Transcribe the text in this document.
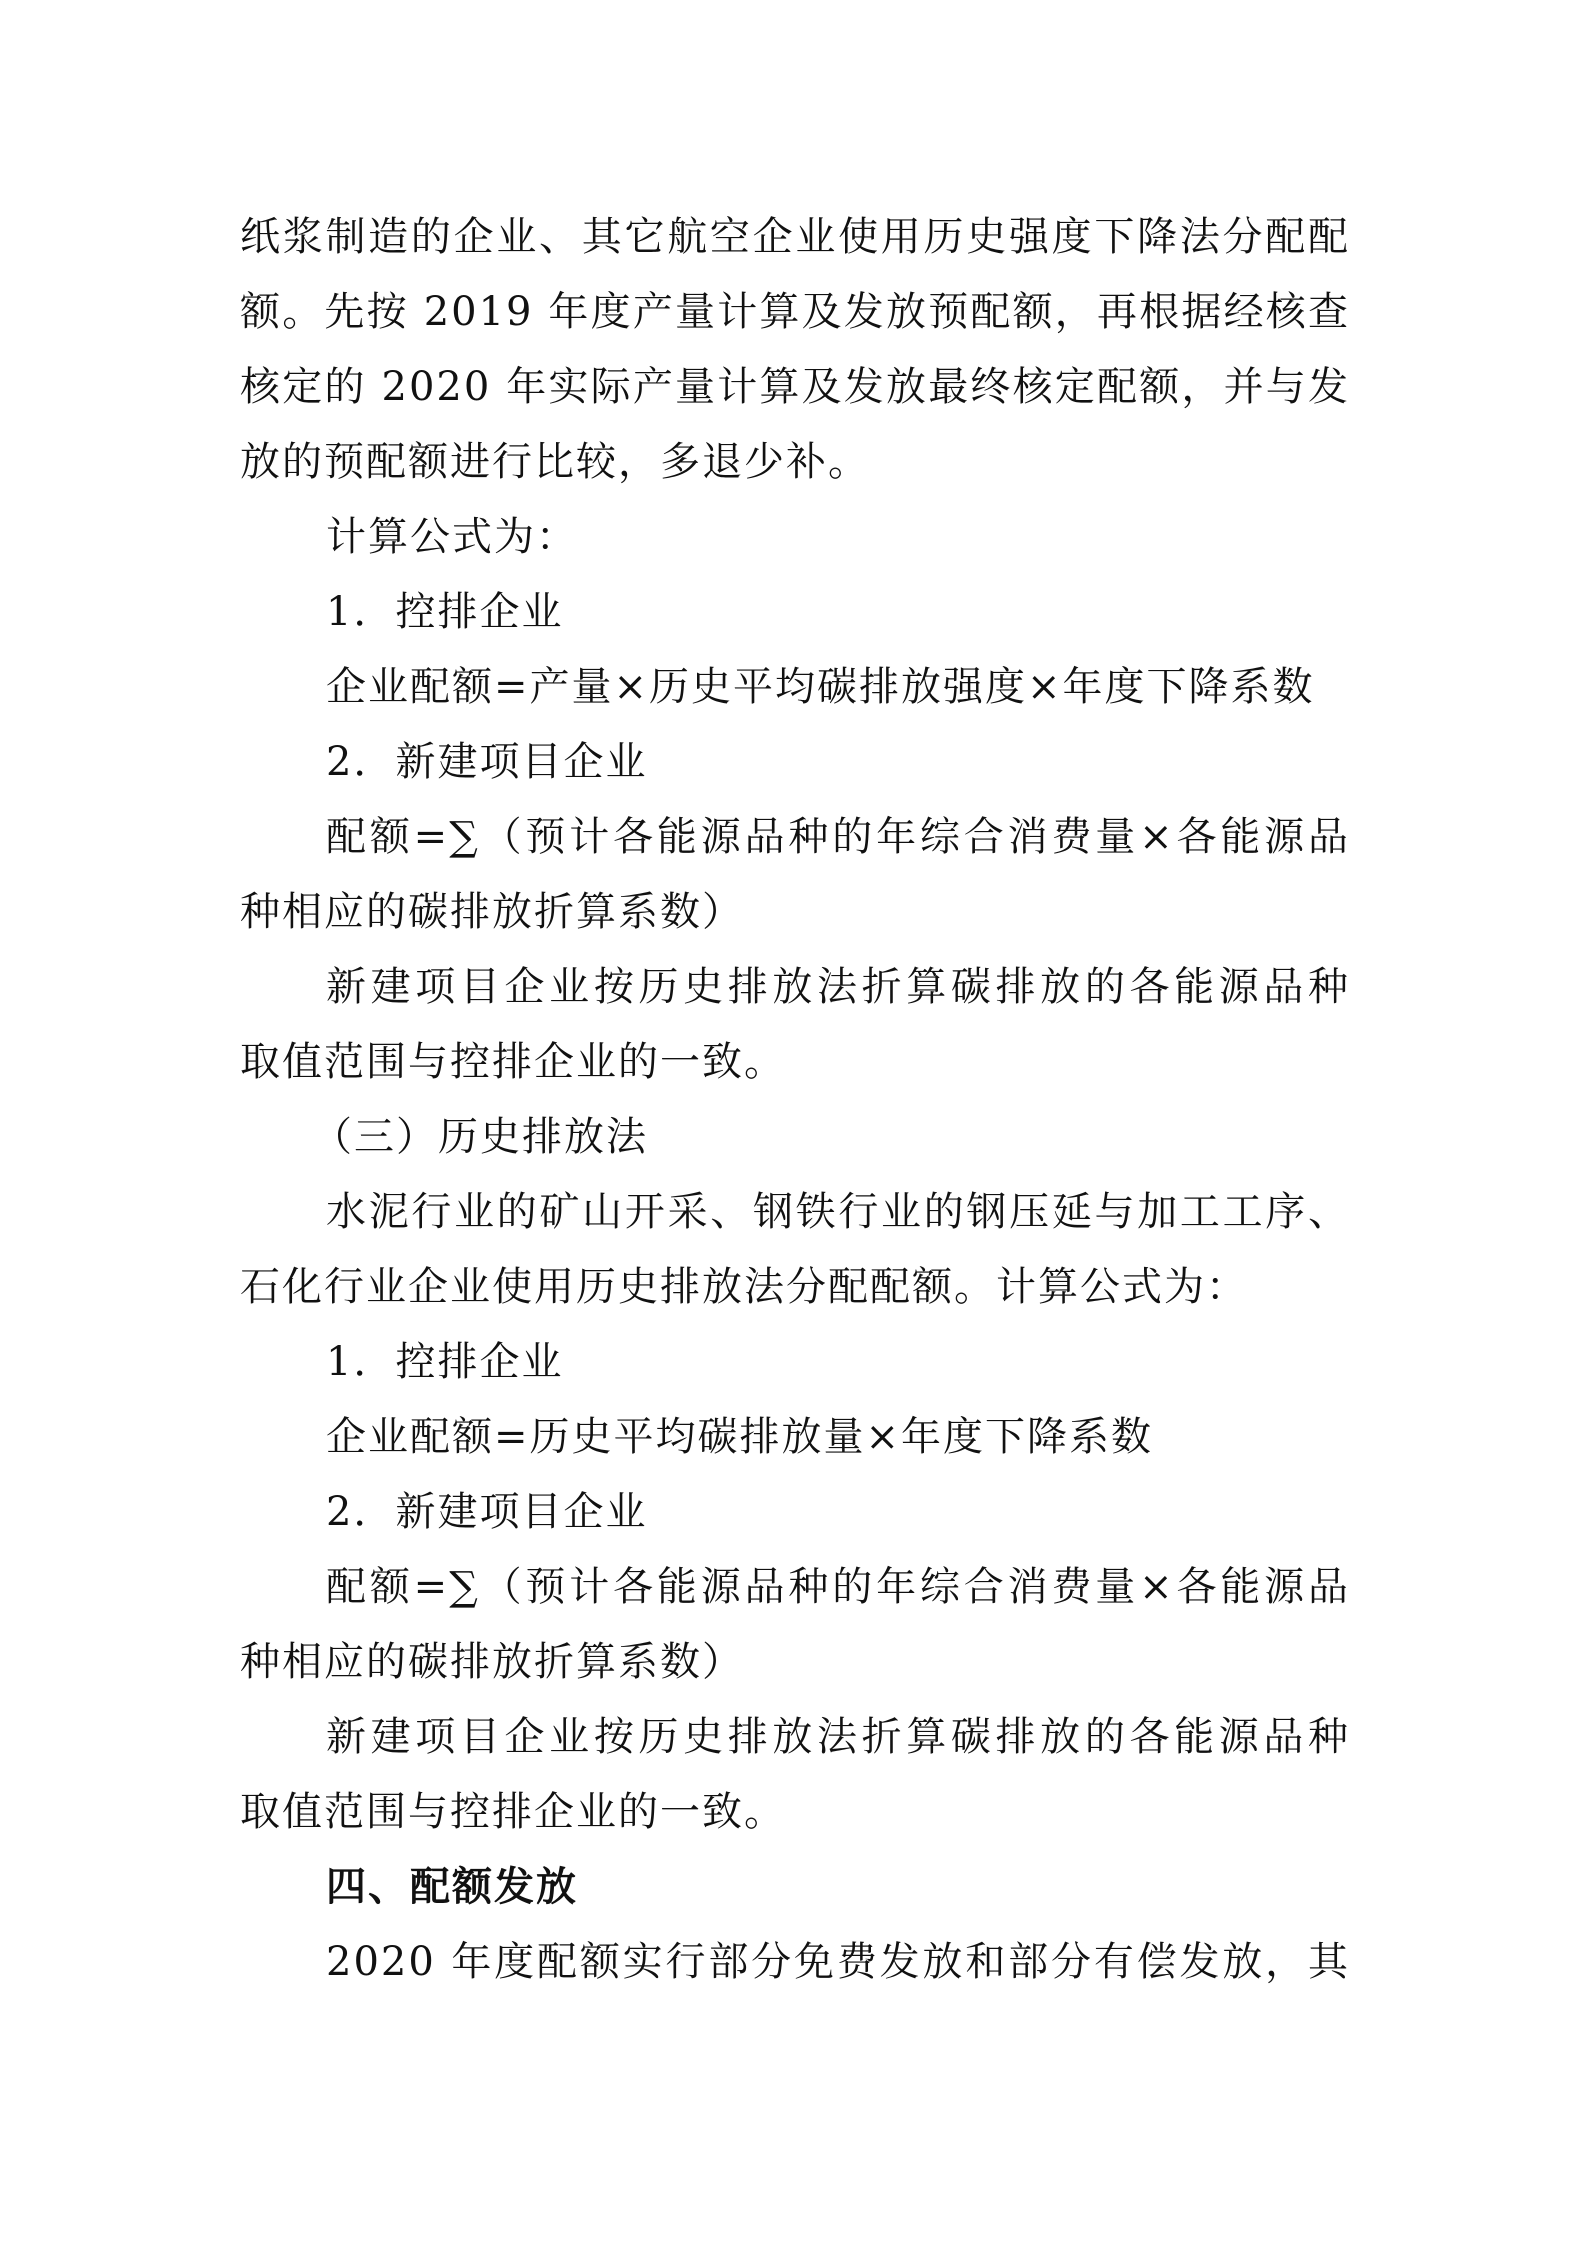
纸浆制造的企业、其它航空企业使用历史强度下降法分配配
额。先按 2019 年度产量计算及发放预配额，再根据经核查
核定的 2020 年实际产量计算及发放最终核定配额，并与发
放的预配额进行比较，多退少补。
计算公式为：
1．控排企业
企业配额=产量×历史平均碳排放强度×年度下降系数
2．新建项目企业
配额=∑（预计各能源品种的年综合消费量×各能源品
种相应的碳排放折算系数）
新建项目企业按历史排放法折算碳排放的各能源品种
取值范围与控排企业的一致。
（三）历史排放法
水泥行业的矿山开采、钢铁行业的钢压延与加工工序、
石化行业企业使用历史排放法分配配额。计算公式为：
1．控排企业
企业配额=历史平均碳排放量×年度下降系数
2．新建项目企业
配额=∑（预计各能源品种的年综合消费量×各能源品
种相应的碳排放折算系数）
新建项目企业按历史排放法折算碳排放的各能源品种
取值范围与控排企业的一致。
四、配额发放
2020 年度配额实行部分免费发放和部分有偿发放，其
